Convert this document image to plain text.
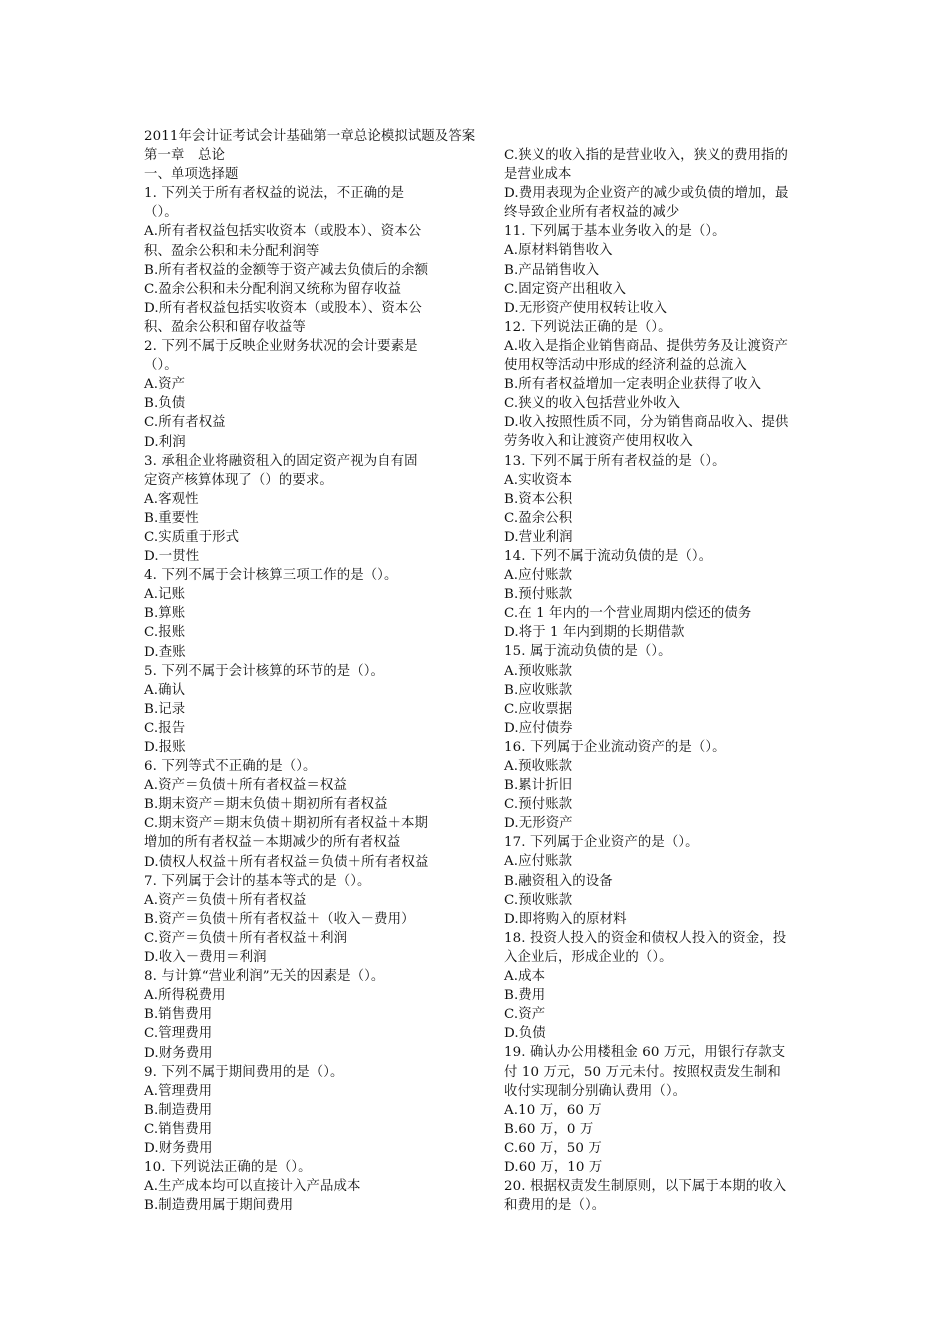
2011年会计证考试会计基础第一章总论模拟试题及答案
第一章　总论
一、单项选择题
1. 下列关于所有者权益的说法，不正确的是
（）。
A.所有者权益包括实收资本（或股本）、资本公
积、盈余公积和未分配利润等
B.所有者权益的金额等于资产减去负债后的余额
C.盈余公积和未分配利润又统称为留存收益
D.所有者权益包括实收资本（或股本）、资本公
积、盈余公积和留存收益等
2. 下列不属于反映企业财务状况的会计要素是
（）。
A.资产
B.负债
C.所有者权益
D.利润
3. 承租企业将融资租入的固定资产视为自有固
定资产核算体现了（）的要求。
A.客观性
B.重要性
C.实质重于形式
D.一贯性
4. 下列不属于会计核算三项工作的是（）。
A.记账
B.算账
C.报账
D.查账
5. 下列不属于会计核算的环节的是（）。
A.确认
B.记录
C.报告
D.报账
6. 下列等式不正确的是（）。
A.资产＝负债＋所有者权益＝权益
B.期末资产＝期末负债＋期初所有者权益
C.期末资产＝期末负债＋期初所有者权益＋本期
增加的所有者权益－本期减少的所有者权益
D.债权人权益＋所有者权益＝负债＋所有者权益
7. 下列属于会计的基本等式的是（）。
A.资产＝负债＋所有者权益
B.资产＝负债＋所有者权益＋（收入－费用）
C.资产＝负债＋所有者权益＋利润
D.收入－费用＝利润
8. 与计算“营业利润”无关的因素是（）。
A.所得税费用
B.销售费用
C.管理费用
D.财务费用
9. 下列不属于期间费用的是（）。
A.管理费用
B.制造费用
C.销售费用
D.财务费用
10. 下列说法正确的是（）。
A.生产成本均可以直接计入产品成本
B.制造费用属于期间费用
C.狭义的收入指的是营业收入，狭义的费用指的
是营业成本
D.费用表现为企业资产的减少或负债的增加，最
终导致企业所有者权益的减少
11. 下列属于基本业务收入的是（）。
A.原材料销售收入
B.产品销售收入
C.固定资产出租收入
D.无形资产使用权转让收入
12. 下列说法正确的是（）。
A.收入是指企业销售商品、提供劳务及让渡资产
使用权等活动中形成的经济利益的总流入
B.所有者权益增加一定表明企业获得了收入
C.狭义的收入包括营业外收入
D.收入按照性质不同，分为销售商品收入、提供
劳务收入和让渡资产使用权收入
13. 下列不属于所有者权益的是（）。
A.实收资本
B.资本公积
C.盈余公积
D.营业利润
14. 下列不属于流动负债的是（）。
A.应付账款
B.预付账款
C.在 1 年内的一个营业周期内偿还的债务
D.将于 1 年内到期的长期借款
15. 属于流动负债的是（）。
A.预收账款
B.应收账款
C.应收票据
D.应付债券
16. 下列属于企业流动资产的是（）。
A.预收账款
B.累计折旧
C.预付账款
D.无形资产
17. 下列属于企业资产的是（）。
A.应付账款
B.融资租入的设备
C.预收账款
D.即将购入的原材料
18. 投资人投入的资金和债权人投入的资金，投
入企业后，形成企业的（）。
A.成本
B.费用
C.资产
D.负债
19. 确认办公用楼租金 60 万元，用银行存款支
付 10 万元，50 万元未付。按照权责发生制和
收付实现制分别确认费用（）。
A.10 万，60 万
B.60 万，0 万
C.60 万，50 万
D.60 万，10 万
20. 根据权责发生制原则，以下属于本期的收入
和费用的是（）。
